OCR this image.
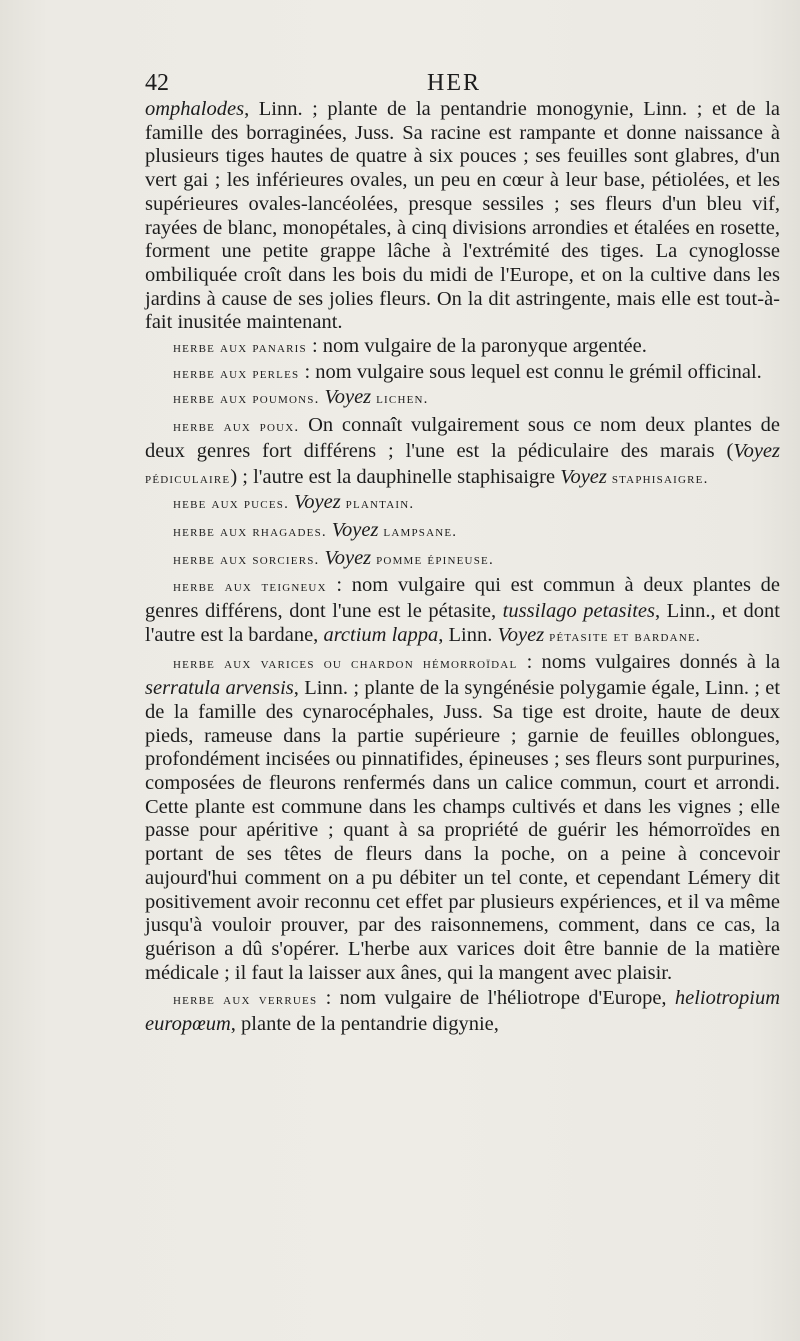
42	HER

omphalodes, Linn. ; plante de la pentandrie monogynie, Linn. ; et de la famille des borraginées, Juss. Sa racine est rampante et donne naissance à plusieurs tiges hautes de quatre à six pouces ; ses feuilles sont glabres, d'un vert gai ; les inférieures ovales, un peu en cœur à leur base, pétiolées, et les supérieures ovales-lancéolées, presque sessiles ; ses fleurs d'un bleu vif, rayées de blanc, monopétales, à cinq divisions arrondies et étalées en rosette, forment une petite grappe lâche à l'extrémité des tiges. La cynoglosse ombiliquée croît dans les bois du midi de l'Europe, et on la cultive dans les jardins à cause de ses jolies fleurs. On la dit astringente, mais elle est tout-à-fait inusitée maintenant.

herbe aux panaris : nom vulgaire de la paronyque argentée.

herbe aux perles : nom vulgaire sous lequel est connu le grémil officinal.

herbe aux poumons. Voyez lichen.

herbe aux poux. On connaît vulgairement sous ce nom deux plantes de deux genres fort différens ; l'une est la pédiculaire des marais (Voyez pédiculaire) ; l'autre est la dauphinelle staphisaigre Voyez staphisaigre.

hebe aux puces. Voyez plantain.

herbe aux rhagades. Voyez lampsane.

herbe aux sorciers. Voyez pomme épineuse.

herbe aux teigneux : nom vulgaire qui est commun à deux plantes de genres différens, dont l'une est le pétasite, tussilago petasites, Linn., et dont l'autre est la bardane, arctium lappa, Linn. Voyez pétasite et bardane.

herbe aux varices ou chardon hémorroïdal : noms vulgaires donnés à la serratula arvensis, Linn. ; plante de la syngénésie polygamie égale, Linn. ; et de la famille des cynarocéphales, Juss. Sa tige est droite, haute de deux pieds, rameuse dans la partie supérieure ; garnie de feuilles oblongues, profondément incisées ou pinnatifides, épineuses ; ses fleurs sont purpurines, composées de fleurons renfermés dans un calice commun, court et arrondi. Cette plante est commune dans les champs cultivés et dans les vignes ; elle passe pour apéritive ; quant à sa propriété de guérir les hémorroïdes en portant de ses têtes de fleurs dans la poche, on a peine à concevoir aujourd'hui comment on a pu débiter un tel conte, et cependant Lémery dit positivement avoir reconnu cet effet par plusieurs expériences, et il va même jusqu'à vouloir prouver, par des raisonnemens, comment, dans ce cas, la guérison a dû s'opérer. L'herbe aux varices doit être bannie de la matière médicale ; il faut la laisser aux ânes, qui la mangent avec plaisir.

herbe aux verrues : nom vulgaire de l'héliotrope d'Europe, heliotropium europœum, plante de la pentandrie digynie,
